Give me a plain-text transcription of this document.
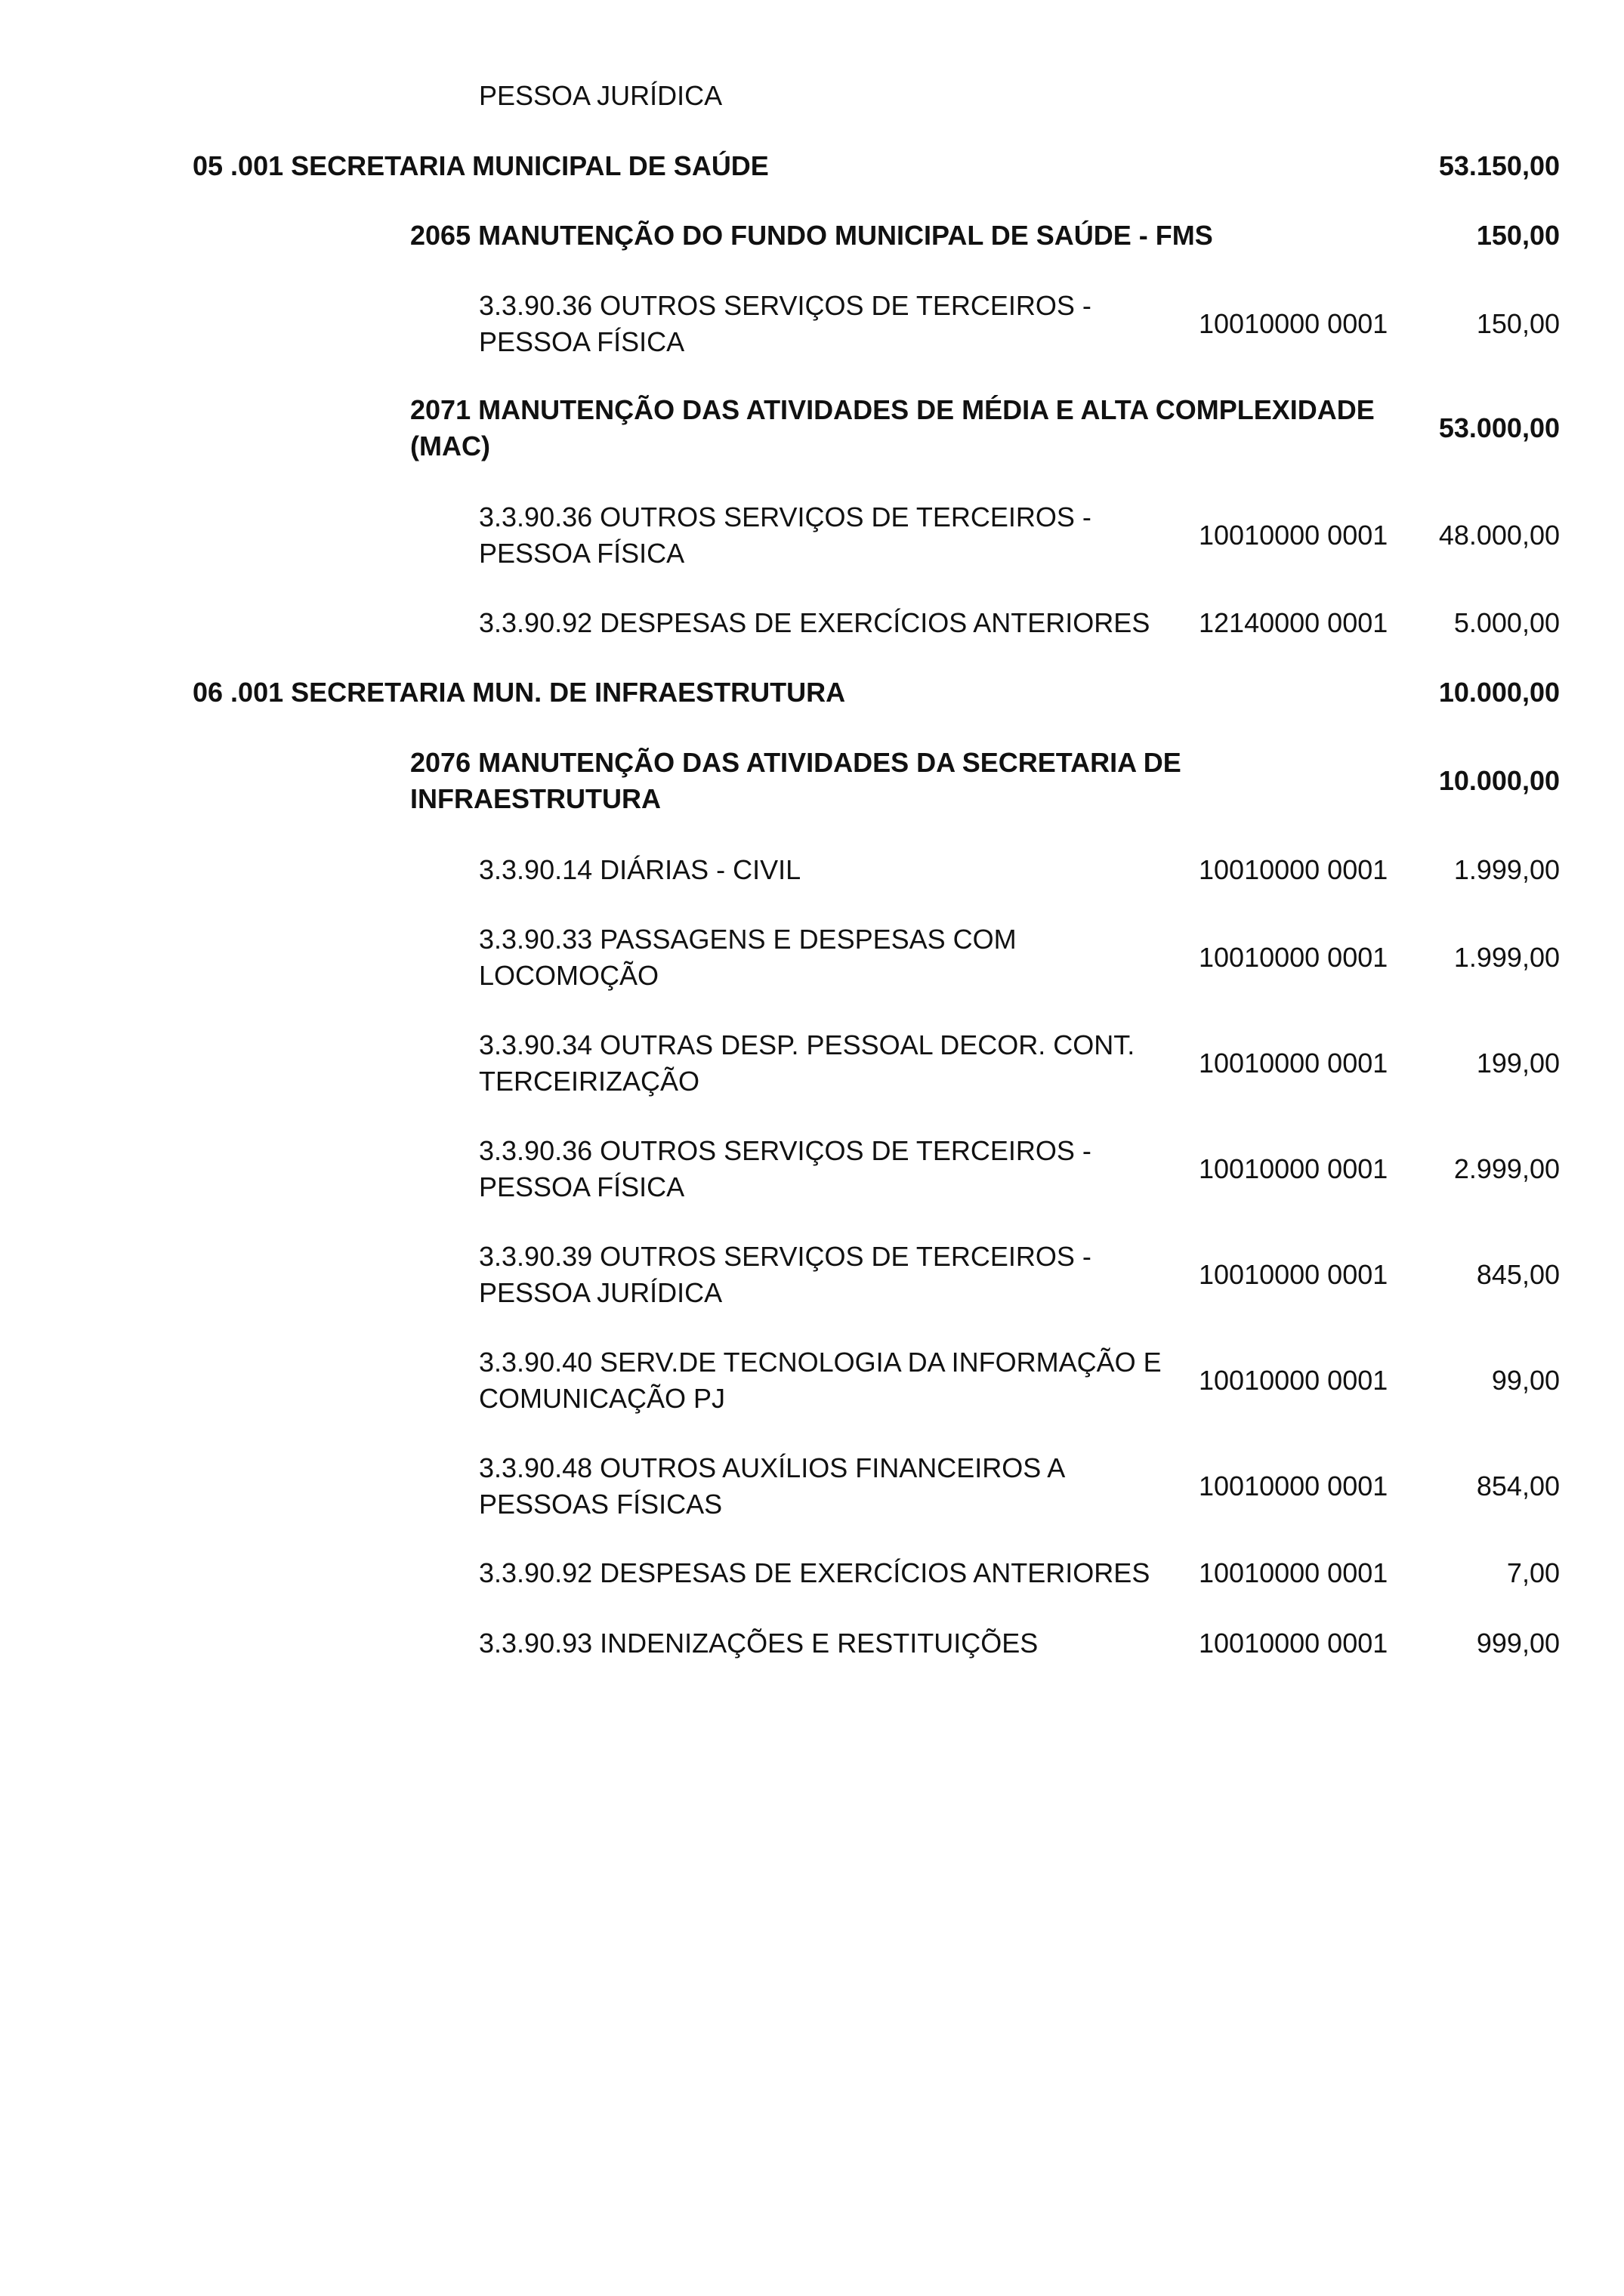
PESSOA JURÍDICA
05 .001 SECRETARIA MUNICIPAL DE SAÚDE	53.150,00
2065 MANUTENÇÃO DO FUNDO MUNICIPAL DE SAÚDE - FMS	150,00
3.3.90.36 OUTROS SERVIÇOS DE TERCEIROS -
PESSOA FÍSICA
10010000 0001	150,00
2071 MANUTENÇÃO DAS ATIVIDADES DE MÉDIA E ALTA COMPLEXIDADE
(MAC)
53.000,00
3.3.90.36 OUTROS SERVIÇOS DE TERCEIROS -
PESSOA FÍSICA
10010000 0001 48.000,00
3.3.90.92 DESPESAS DE EXERCÍCIOS ANTERIORES 12140000 0001 5.000,00
06 .001 SECRETARIA MUN. DE INFRAESTRUTURA	10.000,00
2076 MANUTENÇÃO DAS ATIVIDADES DA SECRETARIA DE
INFRAESTRUTURA
10.000,00
3.3.90.14 DIÁRIAS - CIVIL	10010000 0001 1.999,00
3.3.90.33 PASSAGENS E DESPESAS COM
LOCOMOÇÃO
10010000 0001 1.999,00
3.3.90.34 OUTRAS DESP. PESSOAL DECOR. CONT.
TERCEIRIZAÇÃO
10010000 0001	199,00
3.3.90.36 OUTROS SERVIÇOS DE TERCEIROS -
PESSOA FÍSICA
10010000 0001 2.999,00
3.3.90.39 OUTROS SERVIÇOS DE TERCEIROS -
PESSOA JURÍDICA
10010000 0001	845,00
3.3.90.40 SERV.DE TECNOLOGIA DA INFORMAÇÃO E
COMUNICAÇÃO PJ
10010000 0001	99,00
3.3.90.48 OUTROS AUXÍLIOS FINANCEIROS A
PESSOAS FÍSICAS
10010000 0001	854,00
3.3.90.92 DESPESAS DE EXERCÍCIOS ANTERIORES 10010000 0001	7,00
3.3.90.93 INDENIZAÇÕES E RESTITUIÇÕES	10010000 0001	999,00
